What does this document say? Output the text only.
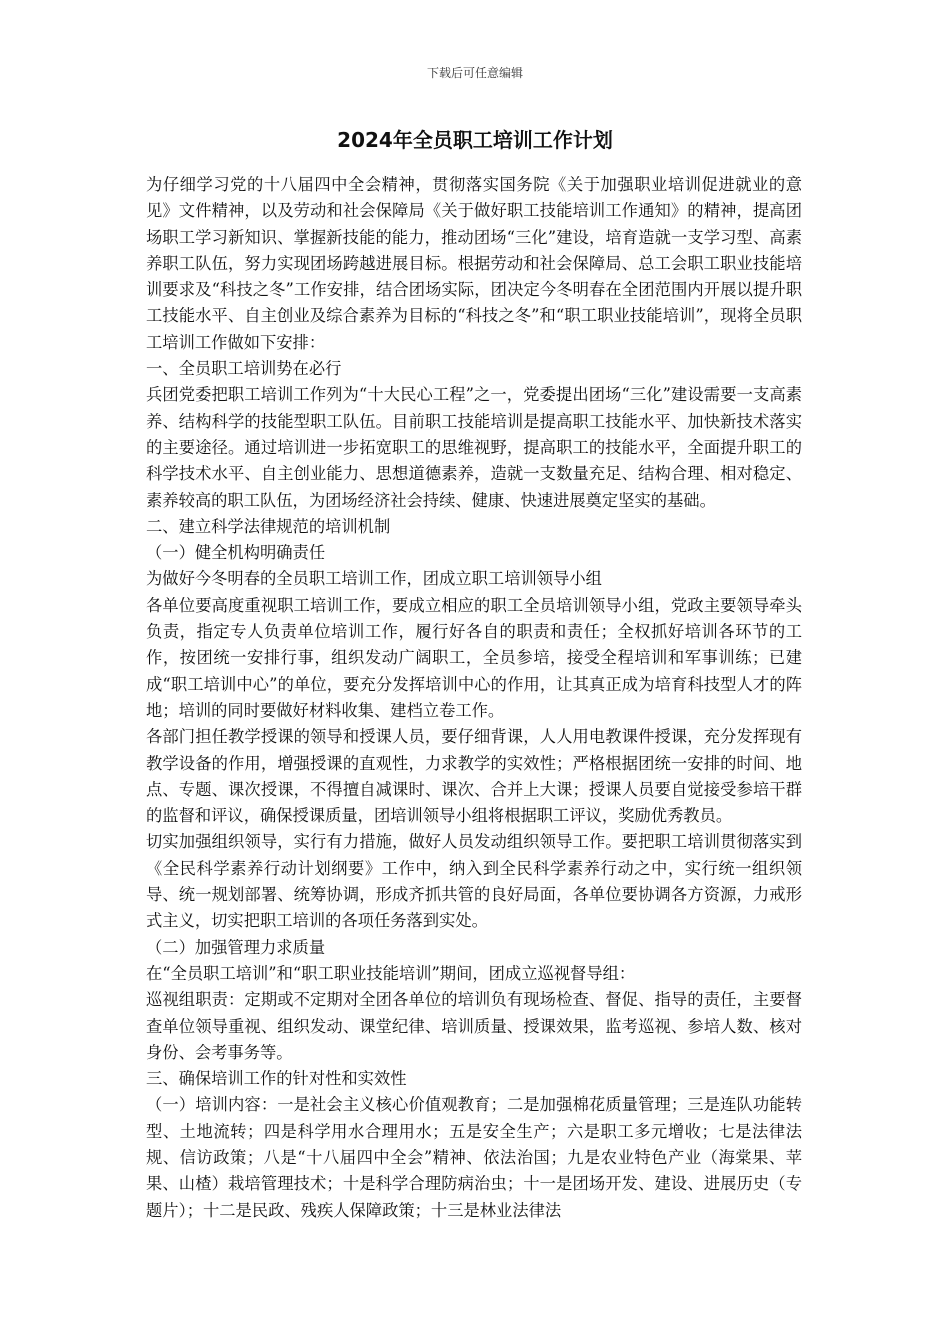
下载后可任意编辑
2024年全员职工培训工作计划

为仔细学习党的十八届四中全会精神，贯彻落实国务院《关于加强职业培训促进就业的意见》文件精神，以及劳动和社会保障局《关于做好职工技能培训工作通知》的精神，提高团场职工学习新知识、掌握新技能的能力，推动团场“三化”建设，培育造就一支学习型、高素养职工队伍，努力实现团场跨越进展目标。根据劳动和社会保障局、总工会职工职业技能培训要求及“科技之冬”工作安排，结合团场实际，团决定今冬明春在全团范围内开展以提升职工技能水平、自主创业及综合素养为目标的“科技之冬”和“职工职业技能培训”，现将全员职工培训工作做如下安排：

一、全员职工培训势在必行

兵团党委把职工培训工作列为“十大民心工程”之一，党委提出团场“三化”建设需要一支高素养、结构科学的技能型职工队伍。目前职工技能培训是提高职工技能水平、加快新技术落实的主要途径。通过培训进一步拓宽职工的思维视野，提高职工的技能水平，全面提升职工的科学技术水平、自主创业能力、思想道德素养，造就一支数量充足、结构合理、相对稳定、素养较高的职工队伍，为团场经济社会持续、健康、快速进展奠定坚实的基础。

二、建立科学法律规范的培训机制

（一）健全机构明确责任

为做好今冬明春的全员职工培训工作，团成立职工培训领导小组

各单位要高度重视职工培训工作，要成立相应的职工全员培训领导小组，党政主要领导牵头负责，指定专人负责单位培训工作，履行好各自的职责和责任；全权抓好培训各环节的工作，按团统一安排行事，组织发动广阔职工，全员参培，接受全程培训和军事训练；已建成“职工培训中心”的单位，要充分发挥培训中心的作用，让其真正成为培育科技型人才的阵地；培训的同时要做好材料收集、建档立卷工作。

各部门担任教学授课的领导和授课人员，要仔细背课，人人用电教课件授课，充分发挥现有教学设备的作用，增强授课的直观性，力求教学的实效性；严格根据团统一安排的时间、地点、专题、课次授课，不得擅自减课时、课次、合并上大课；授课人员要自觉接受参培干群的监督和评议，确保授课质量，团培训领导小组将根据职工评议，奖励优秀教员。

切实加强组织领导，实行有力措施，做好人员发动组织领导工作。要把职工培训贯彻落实到《全民科学素养行动计划纲要》工作中，纳入到全民科学素养行动之中，实行统一组织领导、统一规划部署、统筹协调，形成齐抓共管的良好局面，各单位要协调各方资源，力戒形式主义，切实把职工培训的各项任务落到实处。

（二）加强管理力求质量

在“全员职工培训”和“职工职业技能培训”期间，团成立巡视督导组：

巡视组职责：定期或不定期对全团各单位的培训负有现场检查、督促、指导的责任，主要督查单位领导重视、组织发动、课堂纪律、培训质量、授课效果，监考巡视、参培人数、核对身份、会考事务等。

三、确保培训工作的针对性和实效性

（一）培训内容：一是社会主义核心价值观教育；二是加强棉花质量管理；三是连队功能转型、土地流转；四是科学用水合理用水；五是安全生产；六是职工多元增收；七是法律法规、信访政策；八是“十八届四中全会”精神、依法治国；九是农业特色产业（海棠果、苹果、山楂）栽培管理技术；十是科学合理防病治虫；十一是团场开发、建设、进展历史（专题片）；十二是民政、残疾人保障政策；十三是林业法律法
